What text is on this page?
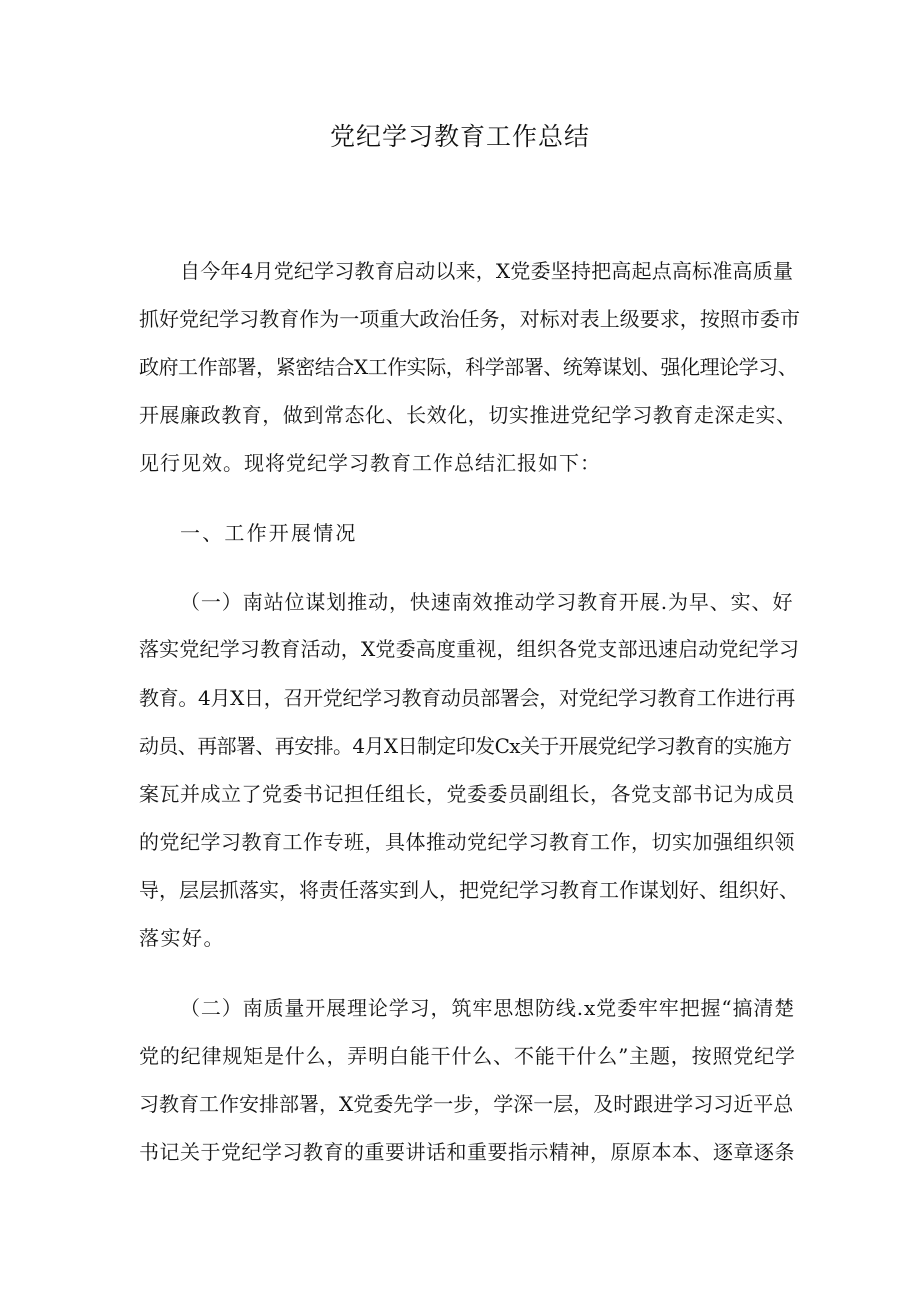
党纪学习教育工作总结
自今年4月党纪学习教育启动以来，X党委坚持把高起点高标准高质量
抓好党纪学习教育作为一项重大政治任务，对标对表上级要求，按照市委市
政府工作部署，紧密结合X工作实际，科学部署、统筹谋划、强化理论学习、
开展廉政教育，做到常态化、长效化，切实推进党纪学习教育走深走实、
见行见效。现将党纪学习教育工作总结汇报如下：
一、工作开展情况
（一）南站位谋划推动，快速南效推动学习教育开展.为早、实、好
落实党纪学习教育活动，X党委高度重视，组织各党支部迅速启动党纪学习
教育。4月X日，召开党纪学习教育动员部署会，对党纪学习教育工作进行再
动员、再部署、再安排。4月X日制定印发Cx关于开展党纪学习教育的实施方
案瓦并成立了党委书记担任组长，党委委员副组长，各党支部书记为成员
的党纪学习教育工作专班，具体推动党纪学习教育工作，切实加强组织领
导，层层抓落实，将责任落实到人，把党纪学习教育工作谋划好、组织好、
落实好。
（二）南质量开展理论学习，筑牢思想防线.x党委牢牢把握“搞清楚
党的纪律规矩是什么，弄明白能干什么、不能干什么”主题，按照党纪学
习教育工作安排部署，X党委先学一步，学深一层，及时跟进学习习近平总
书记关于党纪学习教育的重要讲话和重要指示精神，原原本本、逐章逐条
